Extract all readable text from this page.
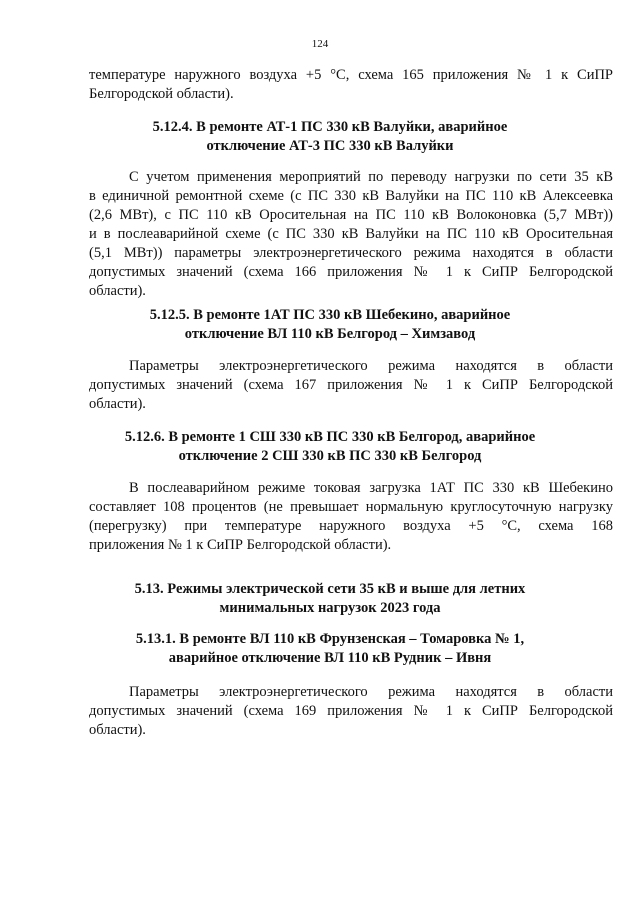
124
температуре наружного воздуха +5 °С, схема 165 приложения № 1 к СиПР
Белгородской области).
5.12.4. В ремонте АТ-1 ПС 330 кВ Валуйки, аварийное
отключение АТ-3 ПС 330 кВ Валуйки
С учетом применения мероприятий по переводу нагрузки по сети 35 кВ
в единичной ремонтной схеме (с ПС 330 кВ Валуйки на ПС 110 кВ Алексеевка
(2,6 МВт), с ПС 110 кВ Оросительная на ПС 110 кВ Волоконовка (5,7 МВт))
и в послеаварийной схеме (с ПС 330 кВ Валуйки на ПС 110 кВ Оросительная
(5,1 МВт)) параметры электроэнергетического режима находятся в области
допустимых значений (схема 166 приложения № 1 к СиПР Белгородской
области).
5.12.5. В ремонте 1АТ ПС 330 кВ Шебекино, аварийное
отключение ВЛ 110 кВ Белгород – Химзавод
Параметры электроэнергетического режима находятся в области
допустимых значений (схема 167 приложения № 1 к СиПР Белгородской
области).
5.12.6. В ремонте 1 СШ 330 кВ ПС 330 кВ Белгород, аварийное
отключение 2 СШ 330 кВ ПС 330 кВ Белгород
В послеаварийном режиме токовая загрузка 1АТ ПС 330 кВ Шебекино
составляет 108 процентов (не превышает нормальную круглосуточную нагрузку
(перегрузку) при температуре наружного воздуха +5 °С, схема 168
приложения № 1 к СиПР Белгородской области).
5.13. Режимы электрической сети 35 кВ и выше для летних
минимальных нагрузок 2023 года
5.13.1. В ремонте ВЛ 110 кВ Фрунзенская – Томаровка № 1,
аварийное отключение ВЛ 110 кВ Рудник – Ивня
Параметры электроэнергетического режима находятся в области
допустимых значений (схема 169 приложения № 1 к СиПР Белгородской
области).
